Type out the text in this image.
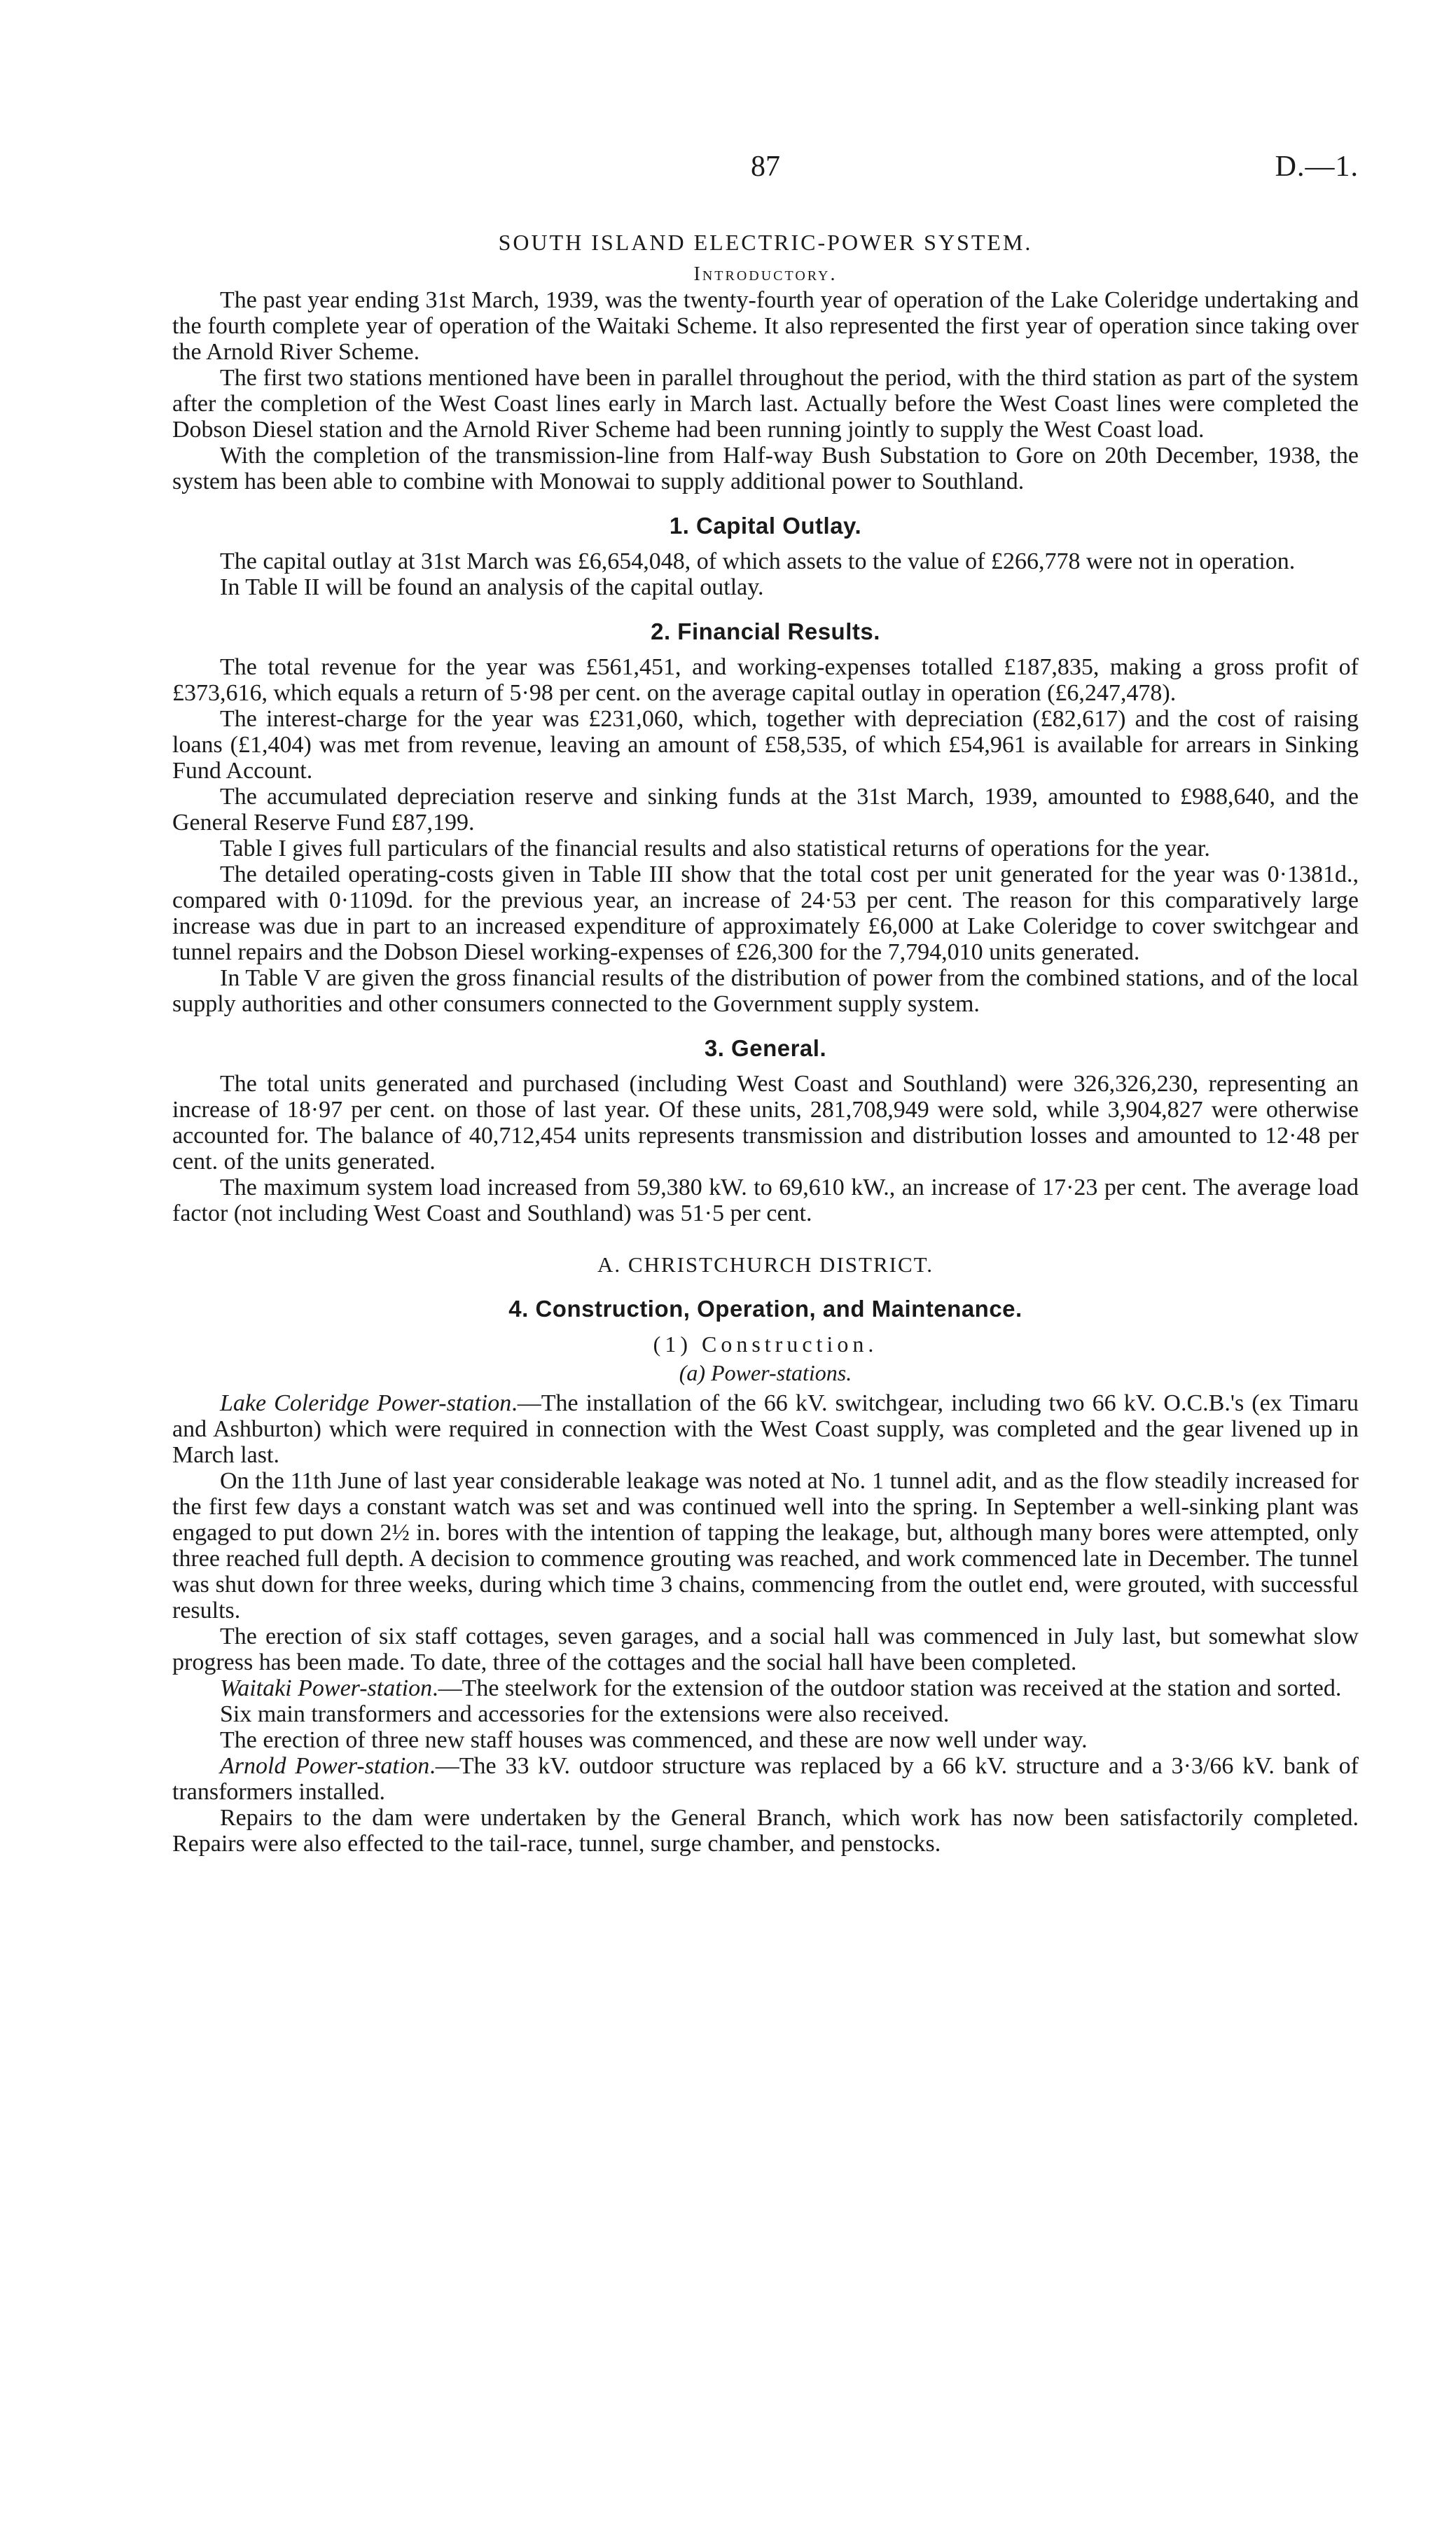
87	D.—1.
SOUTH ISLAND ELECTRIC-POWER SYSTEM.
Introductory.

The past year ending 31st March, 1939, was the twenty-fourth year of operation of the Lake Coleridge undertaking and the fourth complete year of operation of the Waitaki Scheme. It also represented the first year of operation since taking over the Arnold River Scheme.

The first two stations mentioned have been in parallel throughout the period, with the third station as part of the system after the completion of the West Coast lines early in March last. Actually before the West Coast lines were completed the Dobson Diesel station and the Arnold River Scheme had been running jointly to supply the West Coast load.

With the completion of the transmission-line from Half-way Bush Substation to Gore on 20th December, 1938, the system has been able to combine with Monowai to supply additional power to Southland.

1. Capital Outlay.

The capital outlay at 31st March was £6,654,048, of which assets to the value of £266,778 were not in operation.

In Table II will be found an analysis of the capital outlay.

2. Financial Results.

The total revenue for the year was £561,451, and working-expenses totalled £187,835, making a gross profit of £373,616, which equals a return of 5·98 per cent. on the average capital outlay in operation (£6,247,478).

The interest-charge for the year was £231,060, which, together with depreciation (£82,617) and the cost of raising loans (£1,404) was met from revenue, leaving an amount of £58,535, of which £54,961 is available for arrears in Sinking Fund Account.

The accumulated depreciation reserve and sinking funds at the 31st March, 1939, amounted to £988,640, and the General Reserve Fund £87,199.

Table I gives full particulars of the financial results and also statistical returns of operations for the year.

The detailed operating-costs given in Table III show that the total cost per unit generated for the year was 0·1381d., compared with 0·1109d. for the previous year, an increase of 24·53 per cent. The reason for this comparatively large increase was due in part to an increased expenditure of approximately £6,000 at Lake Coleridge to cover switchgear and tunnel repairs and the Dobson Diesel working-expenses of £26,300 for the 7,794,010 units generated.

In Table V are given the gross financial results of the distribution of power from the combined stations, and of the local supply authorities and other consumers connected to the Government supply system.

3. General.

The total units generated and purchased (including West Coast and Southland) were 326,326,230, representing an increase of 18·97 per cent. on those of last year. Of these units, 281,708,949 were sold, while 3,904,827 were otherwise accounted for. The balance of 40,712,454 units represents transmission and distribution losses and amounted to 12·48 per cent. of the units generated.

The maximum system load increased from 59,380 kW. to 69,610 kW., an increase of 17·23 per cent. The average load factor (not including West Coast and Southland) was 51·5 per cent.

A. CHRISTCHURCH DISTRICT.
4. Construction, Operation, and Maintenance.
(1) Construction.
(a) Power-stations.

Lake Coleridge Power-station.—The installation of the 66 kV. switchgear, including two 66 kV. O.C.B.'s (ex Timaru and Ashburton) which were required in connection with the West Coast supply, was completed and the gear livened up in March last.

On the 11th June of last year considerable leakage was noted at No. 1 tunnel adit, and as the flow steadily increased for the first few days a constant watch was set and was continued well into the spring. In September a well-sinking plant was engaged to put down 2½ in. bores with the intention of tapping the leakage, but, although many bores were attempted, only three reached full depth. A decision to commence grouting was reached, and work commenced late in December. The tunnel was shut down for three weeks, during which time 3 chains, commencing from the outlet end, were grouted, with successful results.

The erection of six staff cottages, seven garages, and a social hall was commenced in July last, but somewhat slow progress has been made. To date, three of the cottages and the social hall have been completed.

Waitaki Power-station.—The steelwork for the extension of the outdoor station was received at the station and sorted.

Six main transformers and accessories for the extensions were also received.

The erection of three new staff houses was commenced, and these are now well under way.

Arnold Power-station.—The 33 kV. outdoor structure was replaced by a 66 kV. structure and a 3·3/66 kV. bank of transformers installed.

Repairs to the dam were undertaken by the General Branch, which work has now been satisfactorily completed. Repairs were also effected to the tail-race, tunnel, surge chamber, and penstocks.
